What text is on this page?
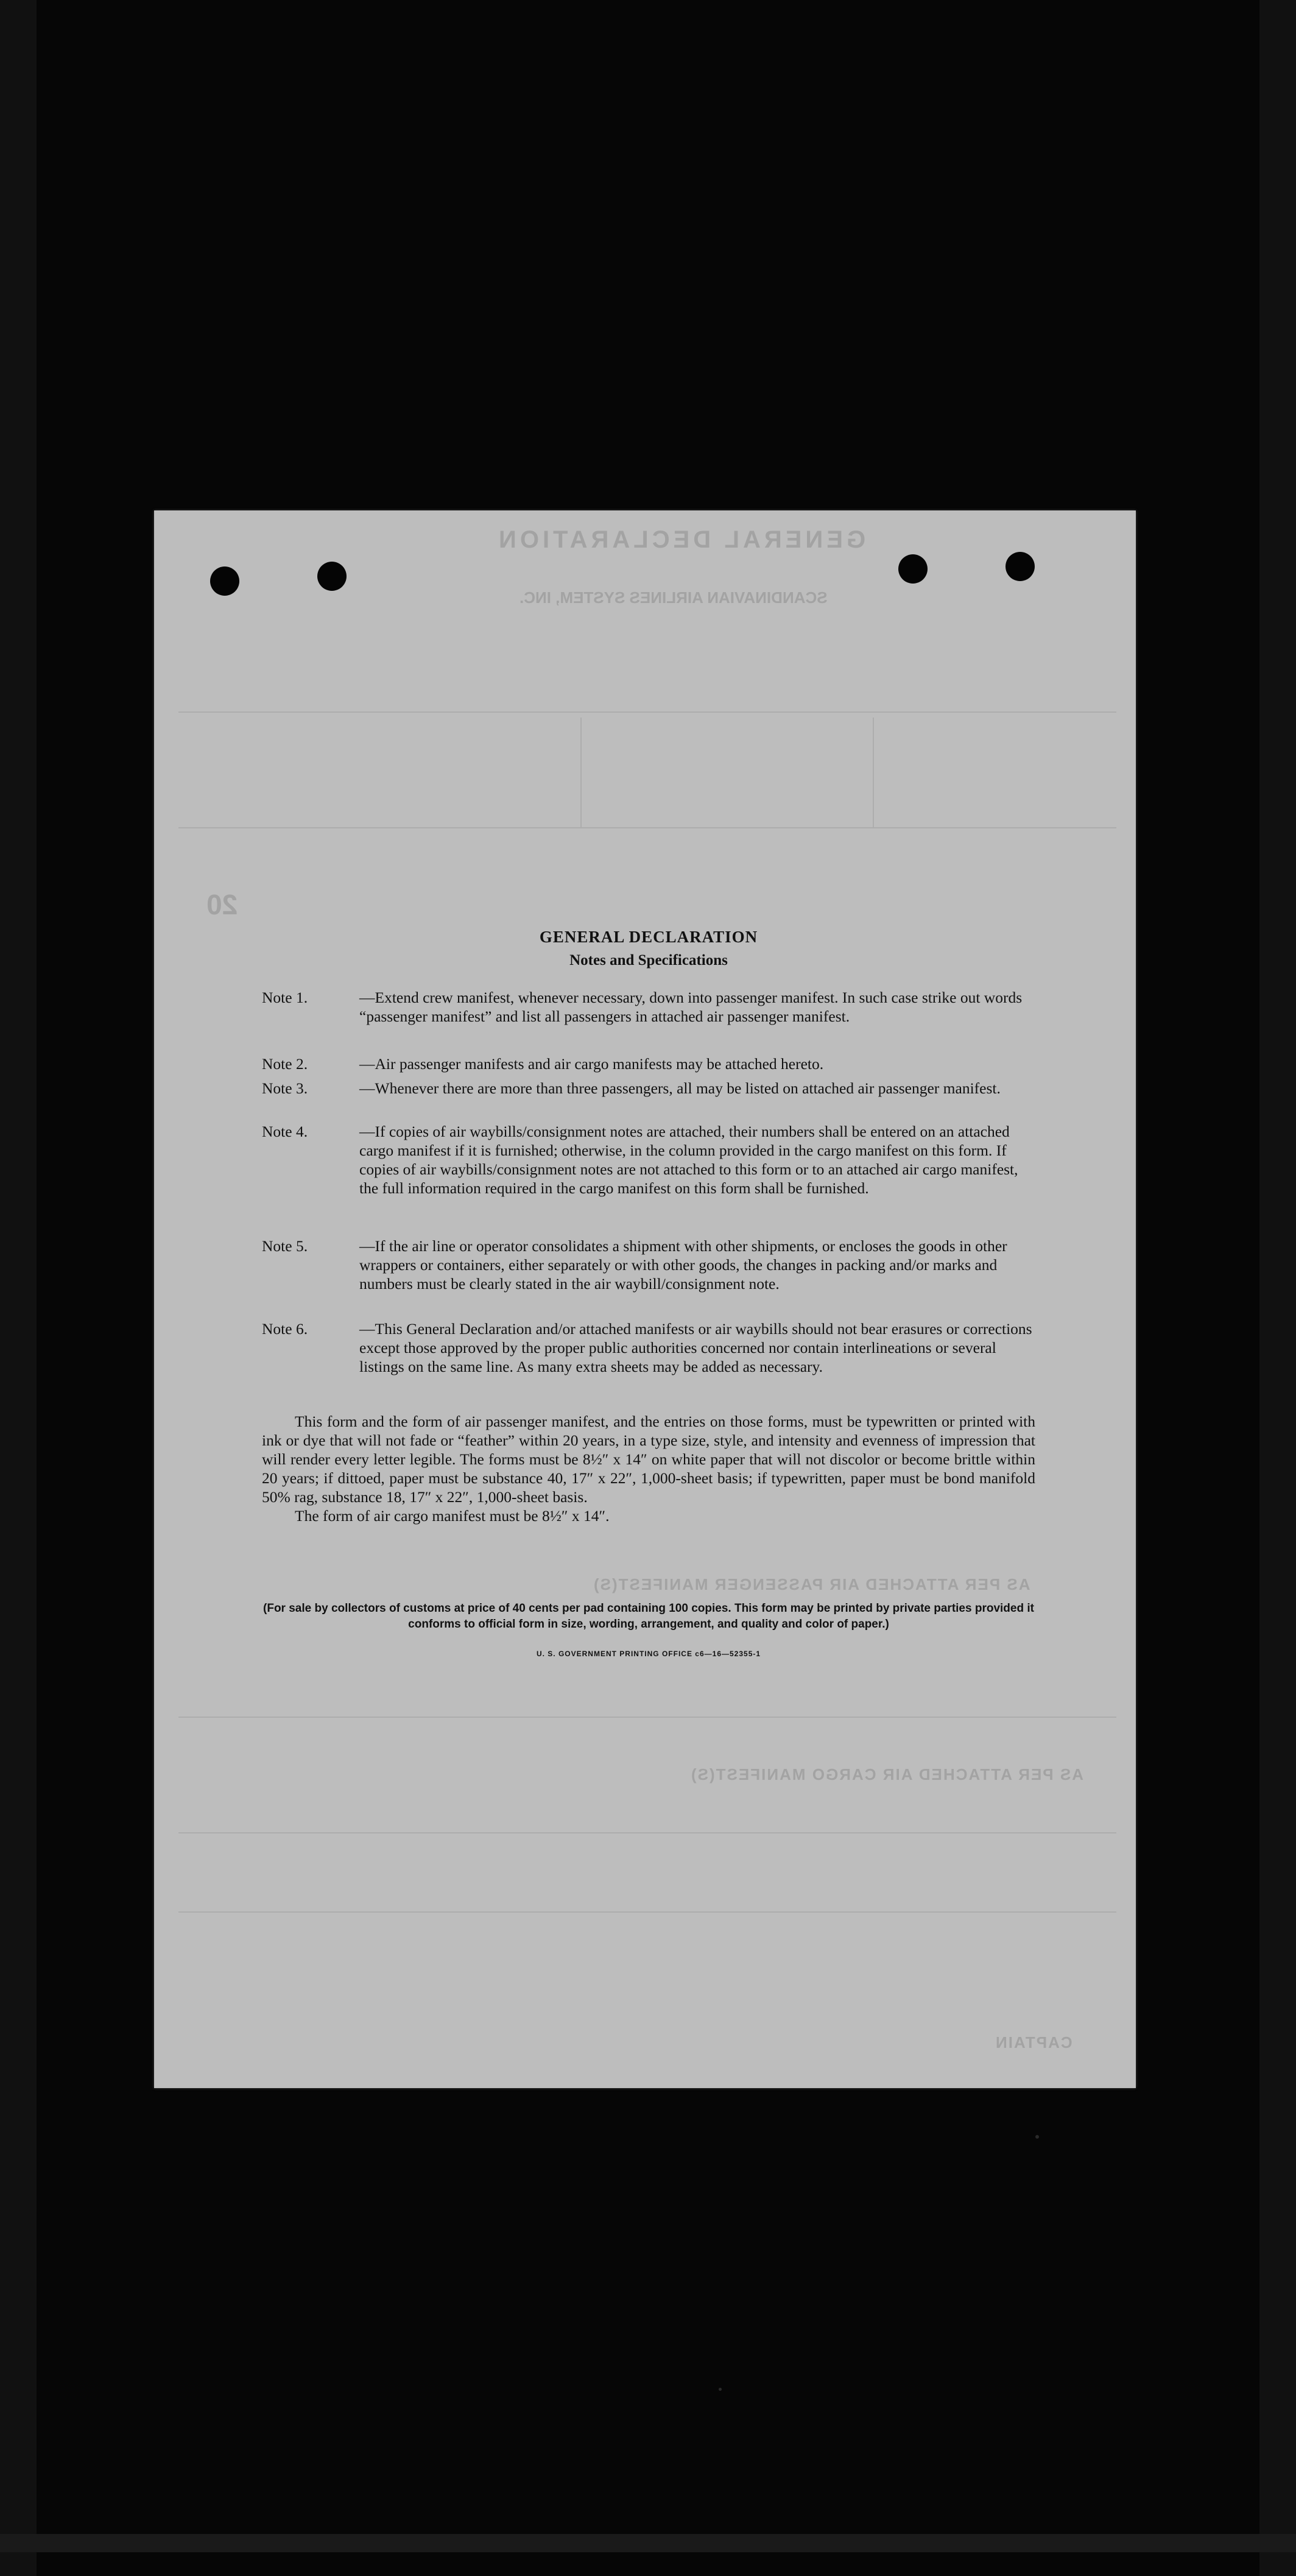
GENERAL DECLARATION
SCANDINAVIAN AIRLINES SYSTEM, INC.
AS PER ATTACHED AIR PASSENGER MANIFEST(S)
AS PER ATTACHED AIR CARGO MANIFEST(S)
CAPTAIN
20
GENERAL DECLARATION
Notes and Specifications
Note 1.	—Extend crew manifest, whenever necessary, down into passenger manifest. In such case strike out words “passenger manifest” and list all passengers in attached air passenger manifest.
Note 2.	—Air passenger manifests and air cargo manifests may be attached hereto.
Note 3.	—Whenever there are more than three passengers, all may be listed on attached air passenger manifest.
Note 4.	—If copies of air waybills/consignment notes are attached, their numbers shall be entered on an attached cargo manifest if it is furnished; otherwise, in the column provided in the cargo manifest on this form. If copies of air waybills/consignment notes are not attached to this form or to an attached air cargo manifest, the full information required in the cargo manifest on this form shall be furnished.
Note 5.	—If the air line or operator consolidates a shipment with other shipments, or encloses the goods in other wrappers or containers, either separately or with other goods, the changes in packing and/or marks and numbers must be clearly stated in the air waybill/consignment note.
Note 6.	—This General Declaration and/or attached manifests or air waybills should not bear erasures or corrections except those approved by the proper public authorities concerned nor contain interlineations or several listings on the same line. As many extra sheets may be added as necessary.

This form and the form of air passenger manifest, and the entries on those forms, must be typewritten or printed with ink or dye that will not fade or “feather” within 20 years, in a type size, style, and intensity and evenness of impression that will render every letter legible. The forms must be 8½″ x 14″ on white paper that will not discolor or become brittle within 20 years; if dittoed, paper must be substance 40, 17″ x 22″, 1,000-sheet basis; if typewritten, paper must be bond manifold 50% rag, substance 18, 17″ x 22″, 1,000-sheet basis.

The form of air cargo manifest must be 8½″ x 14″.

(For sale by collectors of customs at price of 40 cents per pad containing 100 copies. This form may be printed by private parties provided it conforms to official form in size, wording, arrangement, and quality and color of paper.)
U. S. GOVERNMENT PRINTING OFFICE c6—16—52355-1
